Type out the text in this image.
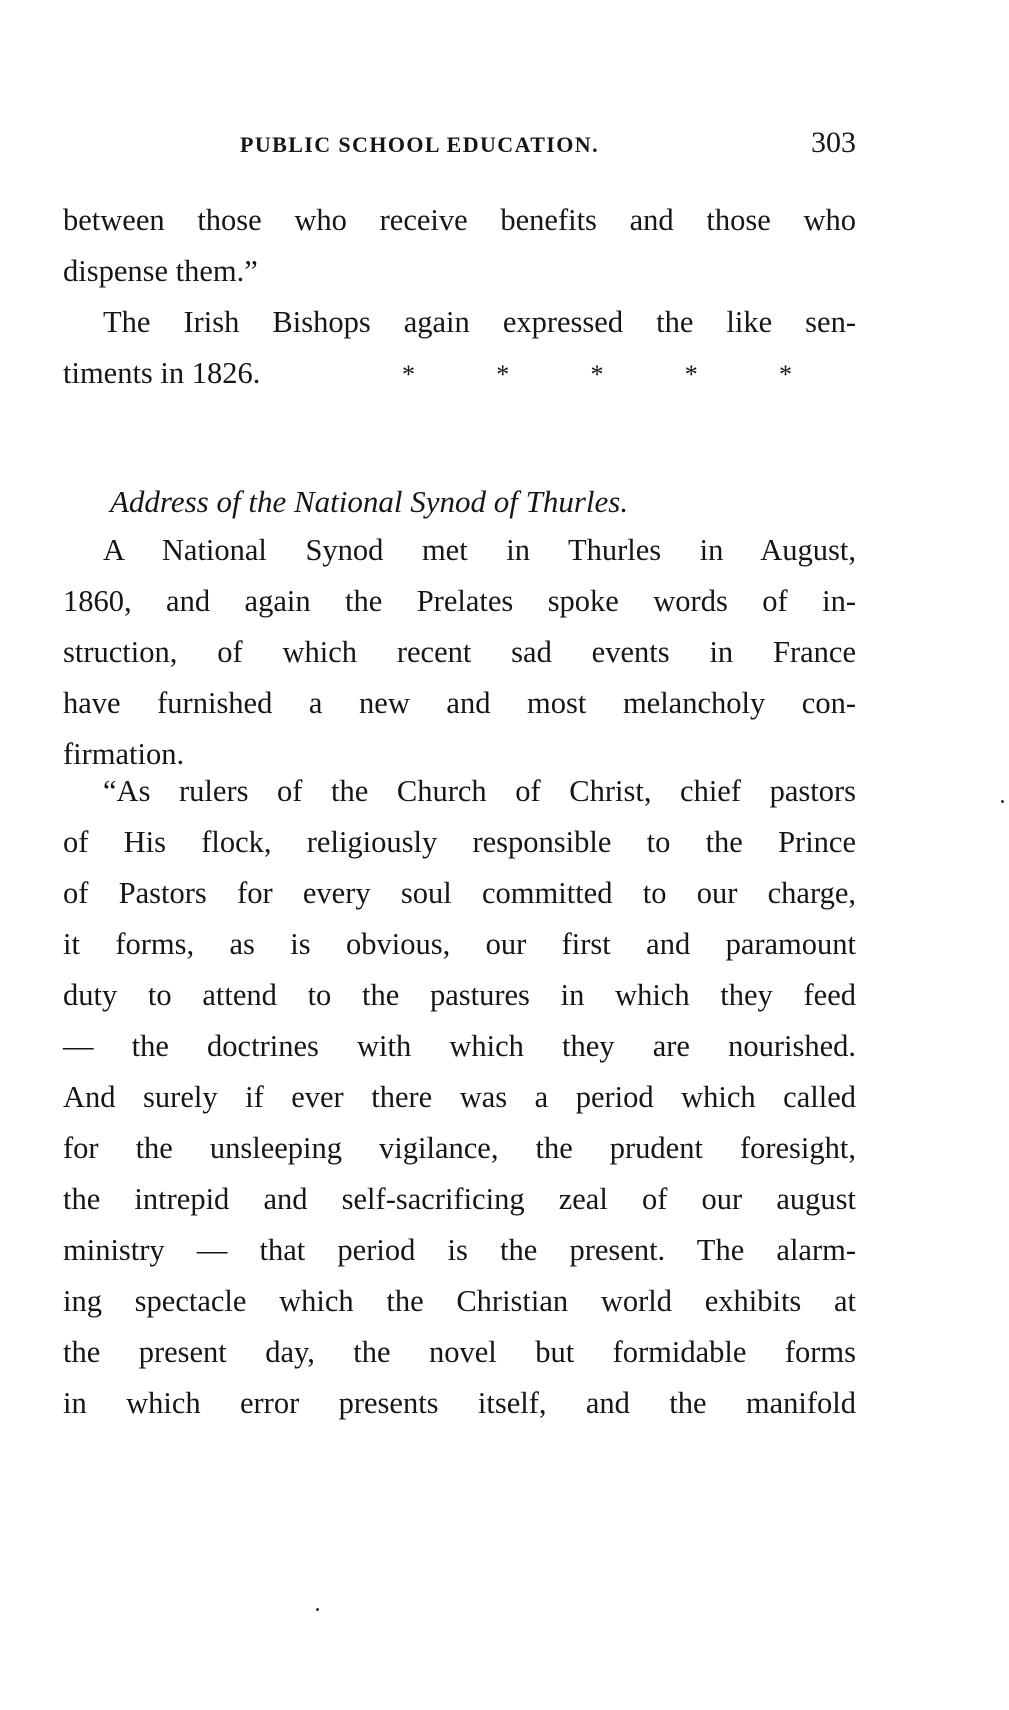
PUBLIC SCHOOL EDUCATION.	303
between those who receive benefits and those who
dispense them.”
The Irish Bishops again expressed the like sen-
timents in 1826.	*	*	*	*	*
Address of the National Synod of Thurles.
A National Synod met in Thurles in August,
1860, and again the Prelates spoke words of in-
struction, of which recent sad events in France
have furnished a new and most melancholy con-
firmation.
“As rulers of the Church of Christ, chief pastors
of His flock, religiously responsible to the Prince
of Pastors for every soul committed to our charge,
it forms, as is obvious, our first and paramount
duty to attend to the pastures in which they feed
— the doctrines with which they are nourished.
And surely if ever there was a period which called
for the unsleeping vigilance, the prudent foresight,
the intrepid and self-sacrificing zeal of our august
ministry — that period is the present. The alarm-
ing spectacle which the Christian world exhibits at
the present day, the novel but formidable forms
in which error presents itself, and the manifold
